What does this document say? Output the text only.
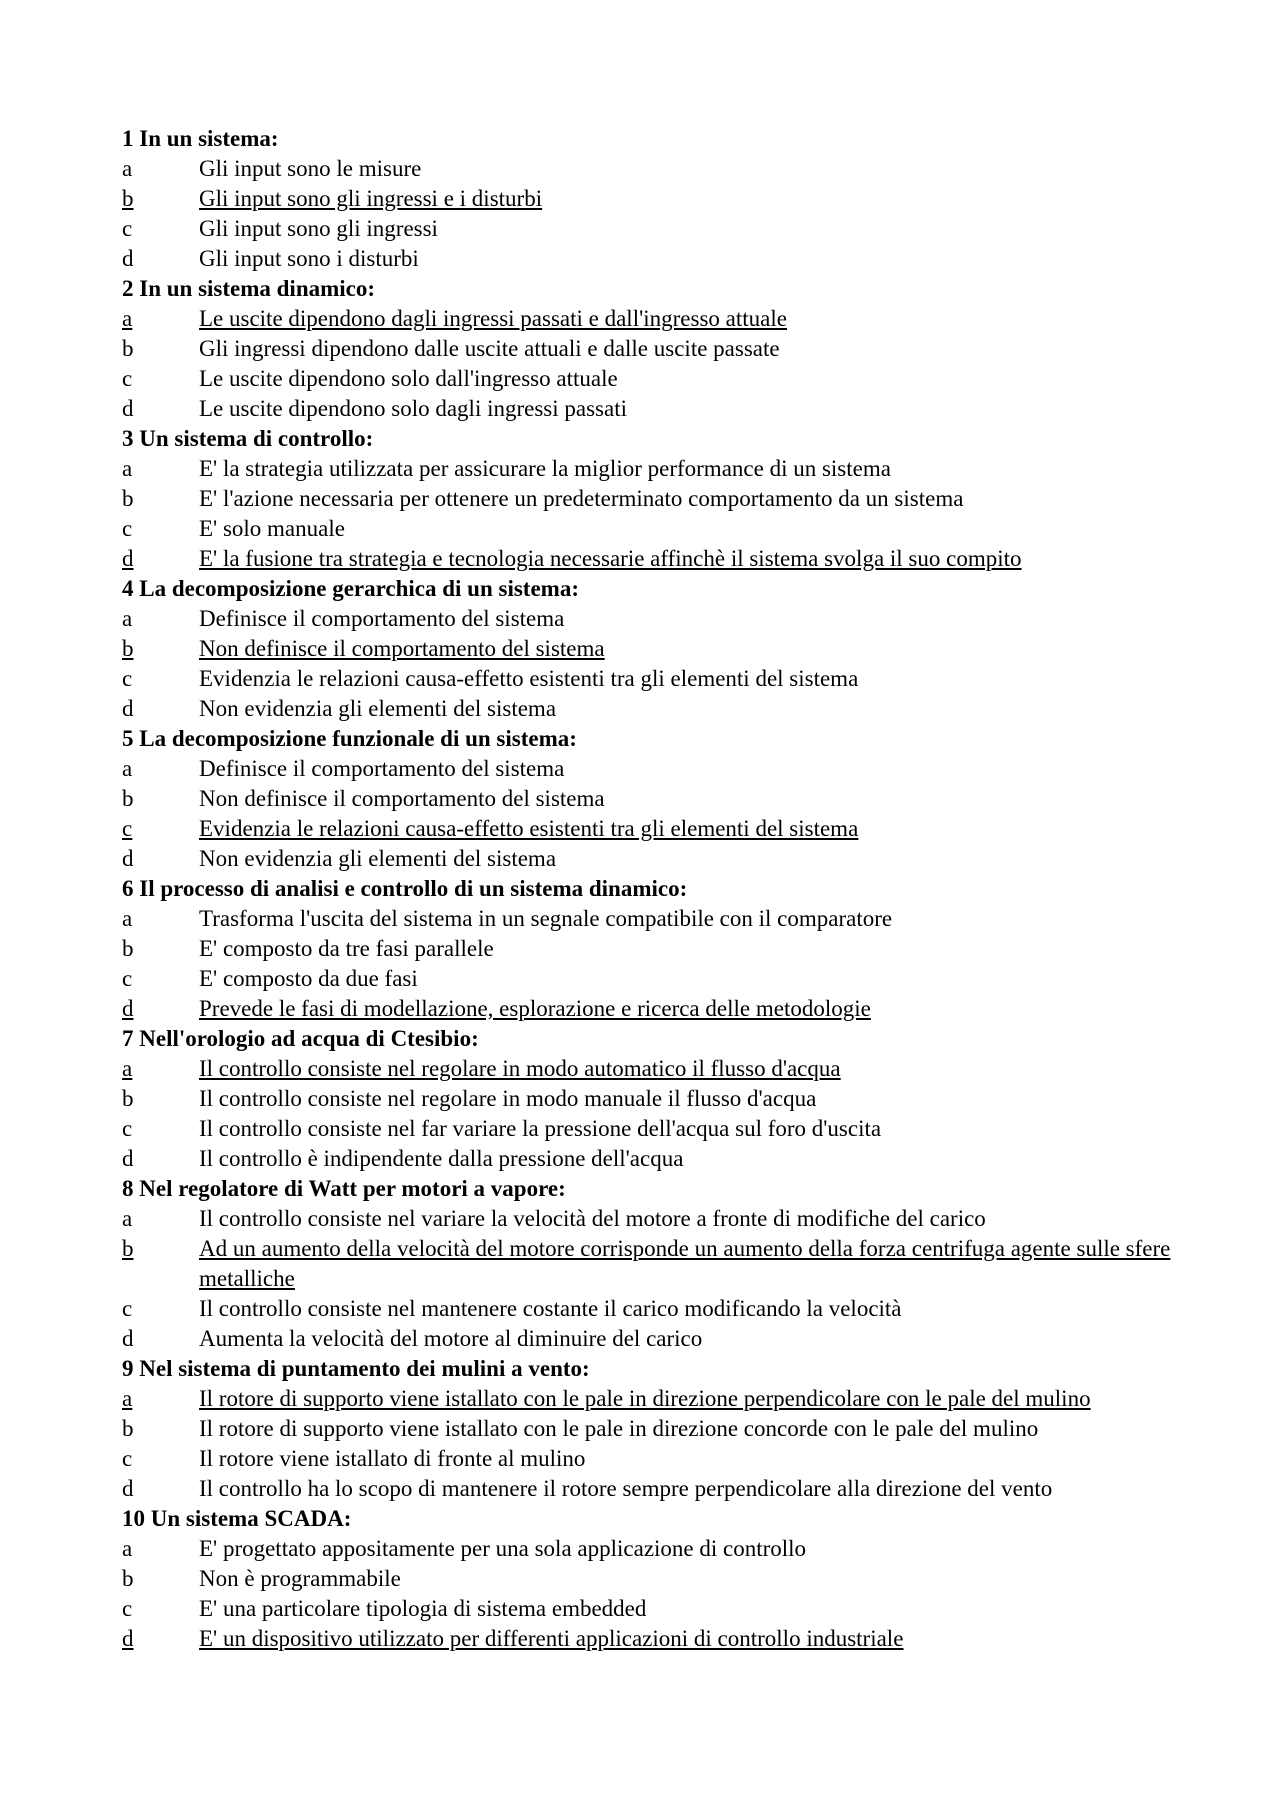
1 In un sistema:
a	Gli input sono le misure
b	Gli input sono gli ingressi e i disturbi
c	Gli input sono gli ingressi
d	Gli input sono i disturbi
2 In un sistema dinamico:
a	Le uscite dipendono dagli ingressi passati e dall'ingresso attuale
b	Gli ingressi dipendono dalle uscite attuali e dalle uscite passate
c	Le uscite dipendono solo dall'ingresso attuale
d	Le uscite dipendono solo dagli ingressi passati
3 Un sistema di controllo:
a	E' la strategia utilizzata per assicurare la miglior performance di un sistema
b	E' l'azione necessaria per ottenere un predeterminato comportamento da un sistema
c	E' solo manuale
d	E' la fusione tra strategia e tecnologia necessarie affinchè il sistema svolga il suo compito
4 La decomposizione gerarchica di un sistema:
a	Definisce il comportamento del sistema
b	Non definisce il comportamento del sistema
c	Evidenzia le relazioni causa-effetto esistenti tra gli elementi del sistema
d	Non evidenzia gli elementi del sistema
5 La decomposizione funzionale di un sistema:
a	Definisce il comportamento del sistema
b	Non definisce il comportamento del sistema
c	Evidenzia le relazioni causa-effetto esistenti tra gli elementi del sistema
d	Non evidenzia gli elementi del sistema
6 Il processo di analisi e controllo di un sistema dinamico:
a	Trasforma l'uscita del sistema in un segnale compatibile con il comparatore
b	E' composto da tre fasi parallele
c	E' composto da due fasi
d	Prevede le fasi di modellazione, esplorazione e ricerca delle metodologie
7 Nell'orologio ad acqua di Ctesibio:
a	Il controllo consiste nel regolare in modo automatico il flusso d'acqua
b	Il controllo consiste nel regolare in modo manuale il flusso d'acqua
c	Il controllo consiste nel far variare la pressione dell'acqua sul foro d'uscita
d	Il controllo è indipendente dalla pressione dell'acqua
8 Nel regolatore di Watt per motori a vapore:
a	Il controllo consiste nel variare la velocità del motore a fronte di modifiche del carico
b	Ad un aumento della velocità del motore corrisponde un aumento della forza centrifuga agente sulle sfere metalliche
c	Il controllo consiste nel mantenere costante il carico modificando la velocità
d	Aumenta la velocità del motore al diminuire del carico
9 Nel sistema di puntamento dei mulini a vento:
a	Il rotore di supporto viene istallato con le pale in direzione perpendicolare con le pale del mulino
b	Il rotore di supporto viene istallato con le pale in direzione concorde con le pale del mulino
c	Il rotore viene istallato di fronte al mulino
d	Il controllo ha lo scopo di mantenere il rotore sempre perpendicolare alla direzione del vento
10 Un sistema SCADA:
a	E' progettato appositamente per una sola applicazione di controllo
b	Non è programmabile
c	E' una particolare tipologia di sistema embedded
d	E' un dispositivo utilizzato per differenti applicazioni di controllo industriale
